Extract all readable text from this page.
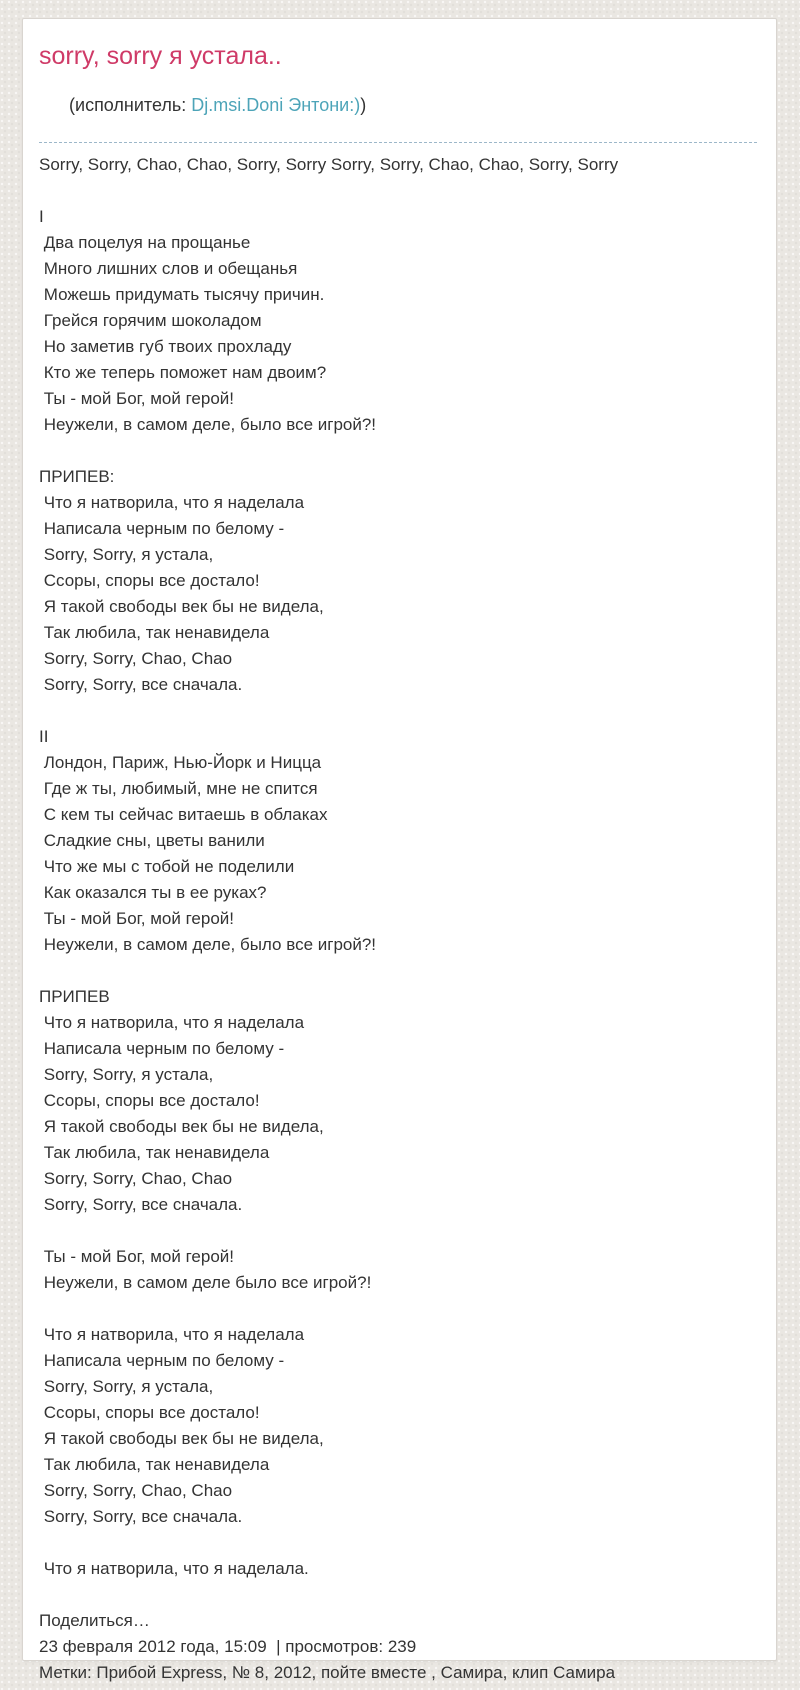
sorry, sorry я устала..

(исполнитель: Dj.msi.Doni Энтони:))

Sorry, Sorry, Chao, Chao, Sorry, Sorry Sorry, Sorry, Chao, Chao, Sorry, Sorry
I
Два поцелуя на прощанье
Много лишних слов и обещанья
Можешь придумать тысячу причин.
Грейся горячим шоколадом
Но заметив губ твоих прохладу
Кто же теперь поможет нам двоим?
Ты - мой Бог, мой герой!
Неужели, в самом деле, было все игрой?!
ПРИПЕВ:
Что я натворила, что я наделала
Написала черным по белому -
Sorry, Sorry, я устала,
Ссоры, споры все достало!
Я такой свободы век бы не видела,
Так любила, так ненавидела
Sorry, Sorry, Chao, Chao
Sorry, Sorry, все сначала.
II
Лондон, Париж, Нью-Йорк и Ницца
Где ж ты, любимый, мне не спится
С кем ты сейчас витаешь в облаках
Сладкие сны, цветы ванили
Что же мы с тобой не поделили
Как оказался ты в ее руках?
Ты - мой Бог, мой герой!
Неужели, в самом деле, было все игрой?!
ПРИПЕВ
Что я натворила, что я наделала
Написала черным по белому -
Sorry, Sorry, я устала,
Ссоры, споры все достало!
Я такой свободы век бы не видела,
Так любила, так ненавидела
Sorry, Sorry, Chao, Chao
Sorry, Sorry, все сначала.
Ты - мой Бог, мой герой!
Неужели, в самом деле было все игрой?!
Что я натворила, что я наделала
Написала черным по белому -
Sorry, Sorry, я устала,
Ссоры, споры все достало!
Я такой свободы век бы не видела,
Так любила, так ненавидела
Sorry, Sorry, Chao, Chao
Sorry, Sorry, все сначала.
Что я натворила, что я наделала.
Поделиться…
23 февраля 2012 года, 15:09  | просмотров: 239
Метки: Прибой Express, № 8, 2012, пойте вместе , Самира, клип Самира
